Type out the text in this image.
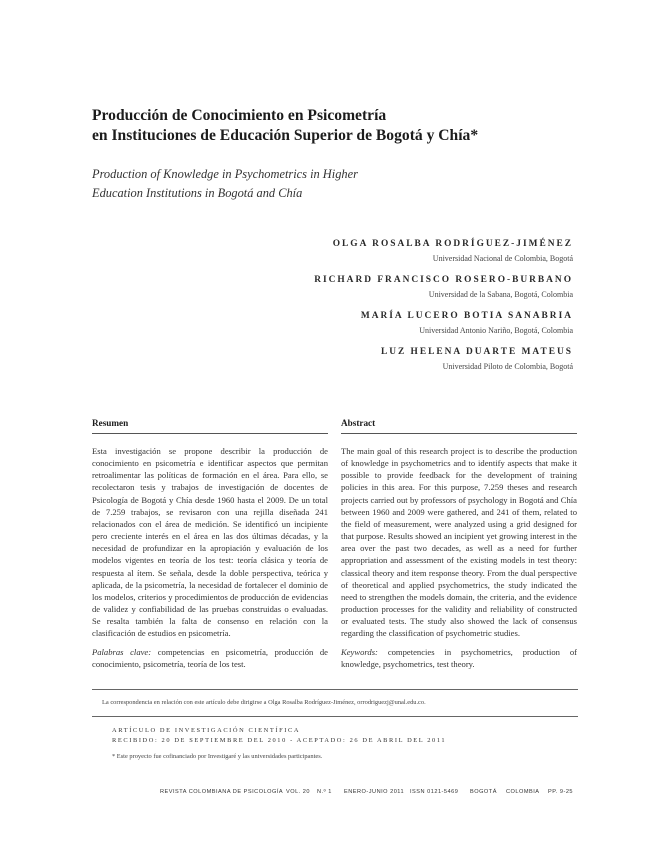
Producción de Conocimiento en Psicometría
en Instituciones de Educación Superior de Bogotá y Chía*
Production of Knowledge in Psychometrics in Higher
Education Institutions in Bogotá and Chía
OLGA ROSALBA RODRÍGUEZ-JIMÉNEZ
Universidad Nacional de Colombia, Bogotá
RICHARD FRANCISCO ROSERO-BURBANO
Universidad de la Sabana, Bogotá, Colombia
MARÍA LUCERO BOTIA SANABRIA
Universidad Antonio Nariño, Bogotá, Colombia
LUZ HELENA DUARTE MATEUS
Universidad Piloto de Colombia, Bogotá
Resumen
Esta investigación se propone describir la producción de conocimiento en psicometría e identificar aspectos que permitan retroalimentar las políticas de formación en el área. Para ello, se recolectaron tesis y trabajos de investigación de docentes de Psicología de Bogotá y Chía desde 1960 hasta el 2009. De un total de 7.259 trabajos, se revisaron con una rejilla diseñada 241 relacionados con el área de medición. Se identificó un incipiente pero creciente interés en el área en las dos últimas décadas, y la necesidad de profundizar en la apropiación y evaluación de los modelos vigentes en teoría de los test: teoría clásica y teoría de respuesta al ítem. Se señala, desde la doble perspectiva, teórica y aplicada, de la psicometría, la necesidad de fortalecer el dominio de los modelos, criterios y procedimientos de producción de evidencias de validez y confiabilidad de las pruebas construidas o evaluadas. Se resalta también la falta de consenso en relación con la clasificación de estudios en psicometría.
Palabras clave: competencias en psicometría, producción de conocimiento, psicometría, teoría de los test.
Abstract
The main goal of this research project is to describe the production of knowledge in psychometrics and to identify aspects that make it possible to provide feedback for the development of training policies in this area. For this purpose, 7.259 theses and research projects carried out by professors of psychology in Bogotá and Chía between 1960 and 2009 were gathered, and 241 of them, related to the field of measurement, were analyzed using a grid designed for that purpose. Results showed an incipient yet growing interest in the area over the past two decades, as well as a need for further appropriation and assessment of the existing models in test theory: classical theory and item response theory. From the dual perspective of theoretical and applied psychometrics, the study indicated the need to strengthen the models domain, the criteria, and the evidence production processes for the validity and reliability of constructed or evaluated tests. The study also showed the lack of consensus regarding the classification of psychometric studies.
Keywords: competencies in psychometrics, production of knowledge, psychometrics, test theory.
La correspondencia en relación con este artículo debe dirigirse a Olga Rosalba Rodríguez-Jiménez, orrodriguezj@unal.edu.co.
ARTÍCULO DE INVESTIGACIÓN CIENTÍFICA
RECIBIDO: 20 DE SEPTIEMBRE DEL 2010 - ACEPTADO: 26 DE ABRIL DEL 2011
* Este proyecto fue cofinanciado por Investigaré y las universidades participantes.
REVISTA COLOMBIANA DE PSICOLOGÍA VOL. 20 N.º 1 ENERO-JUNIO 2011 ISSN 0121-5469 BOGOTÁ COLOMBIA PP. 9-25
